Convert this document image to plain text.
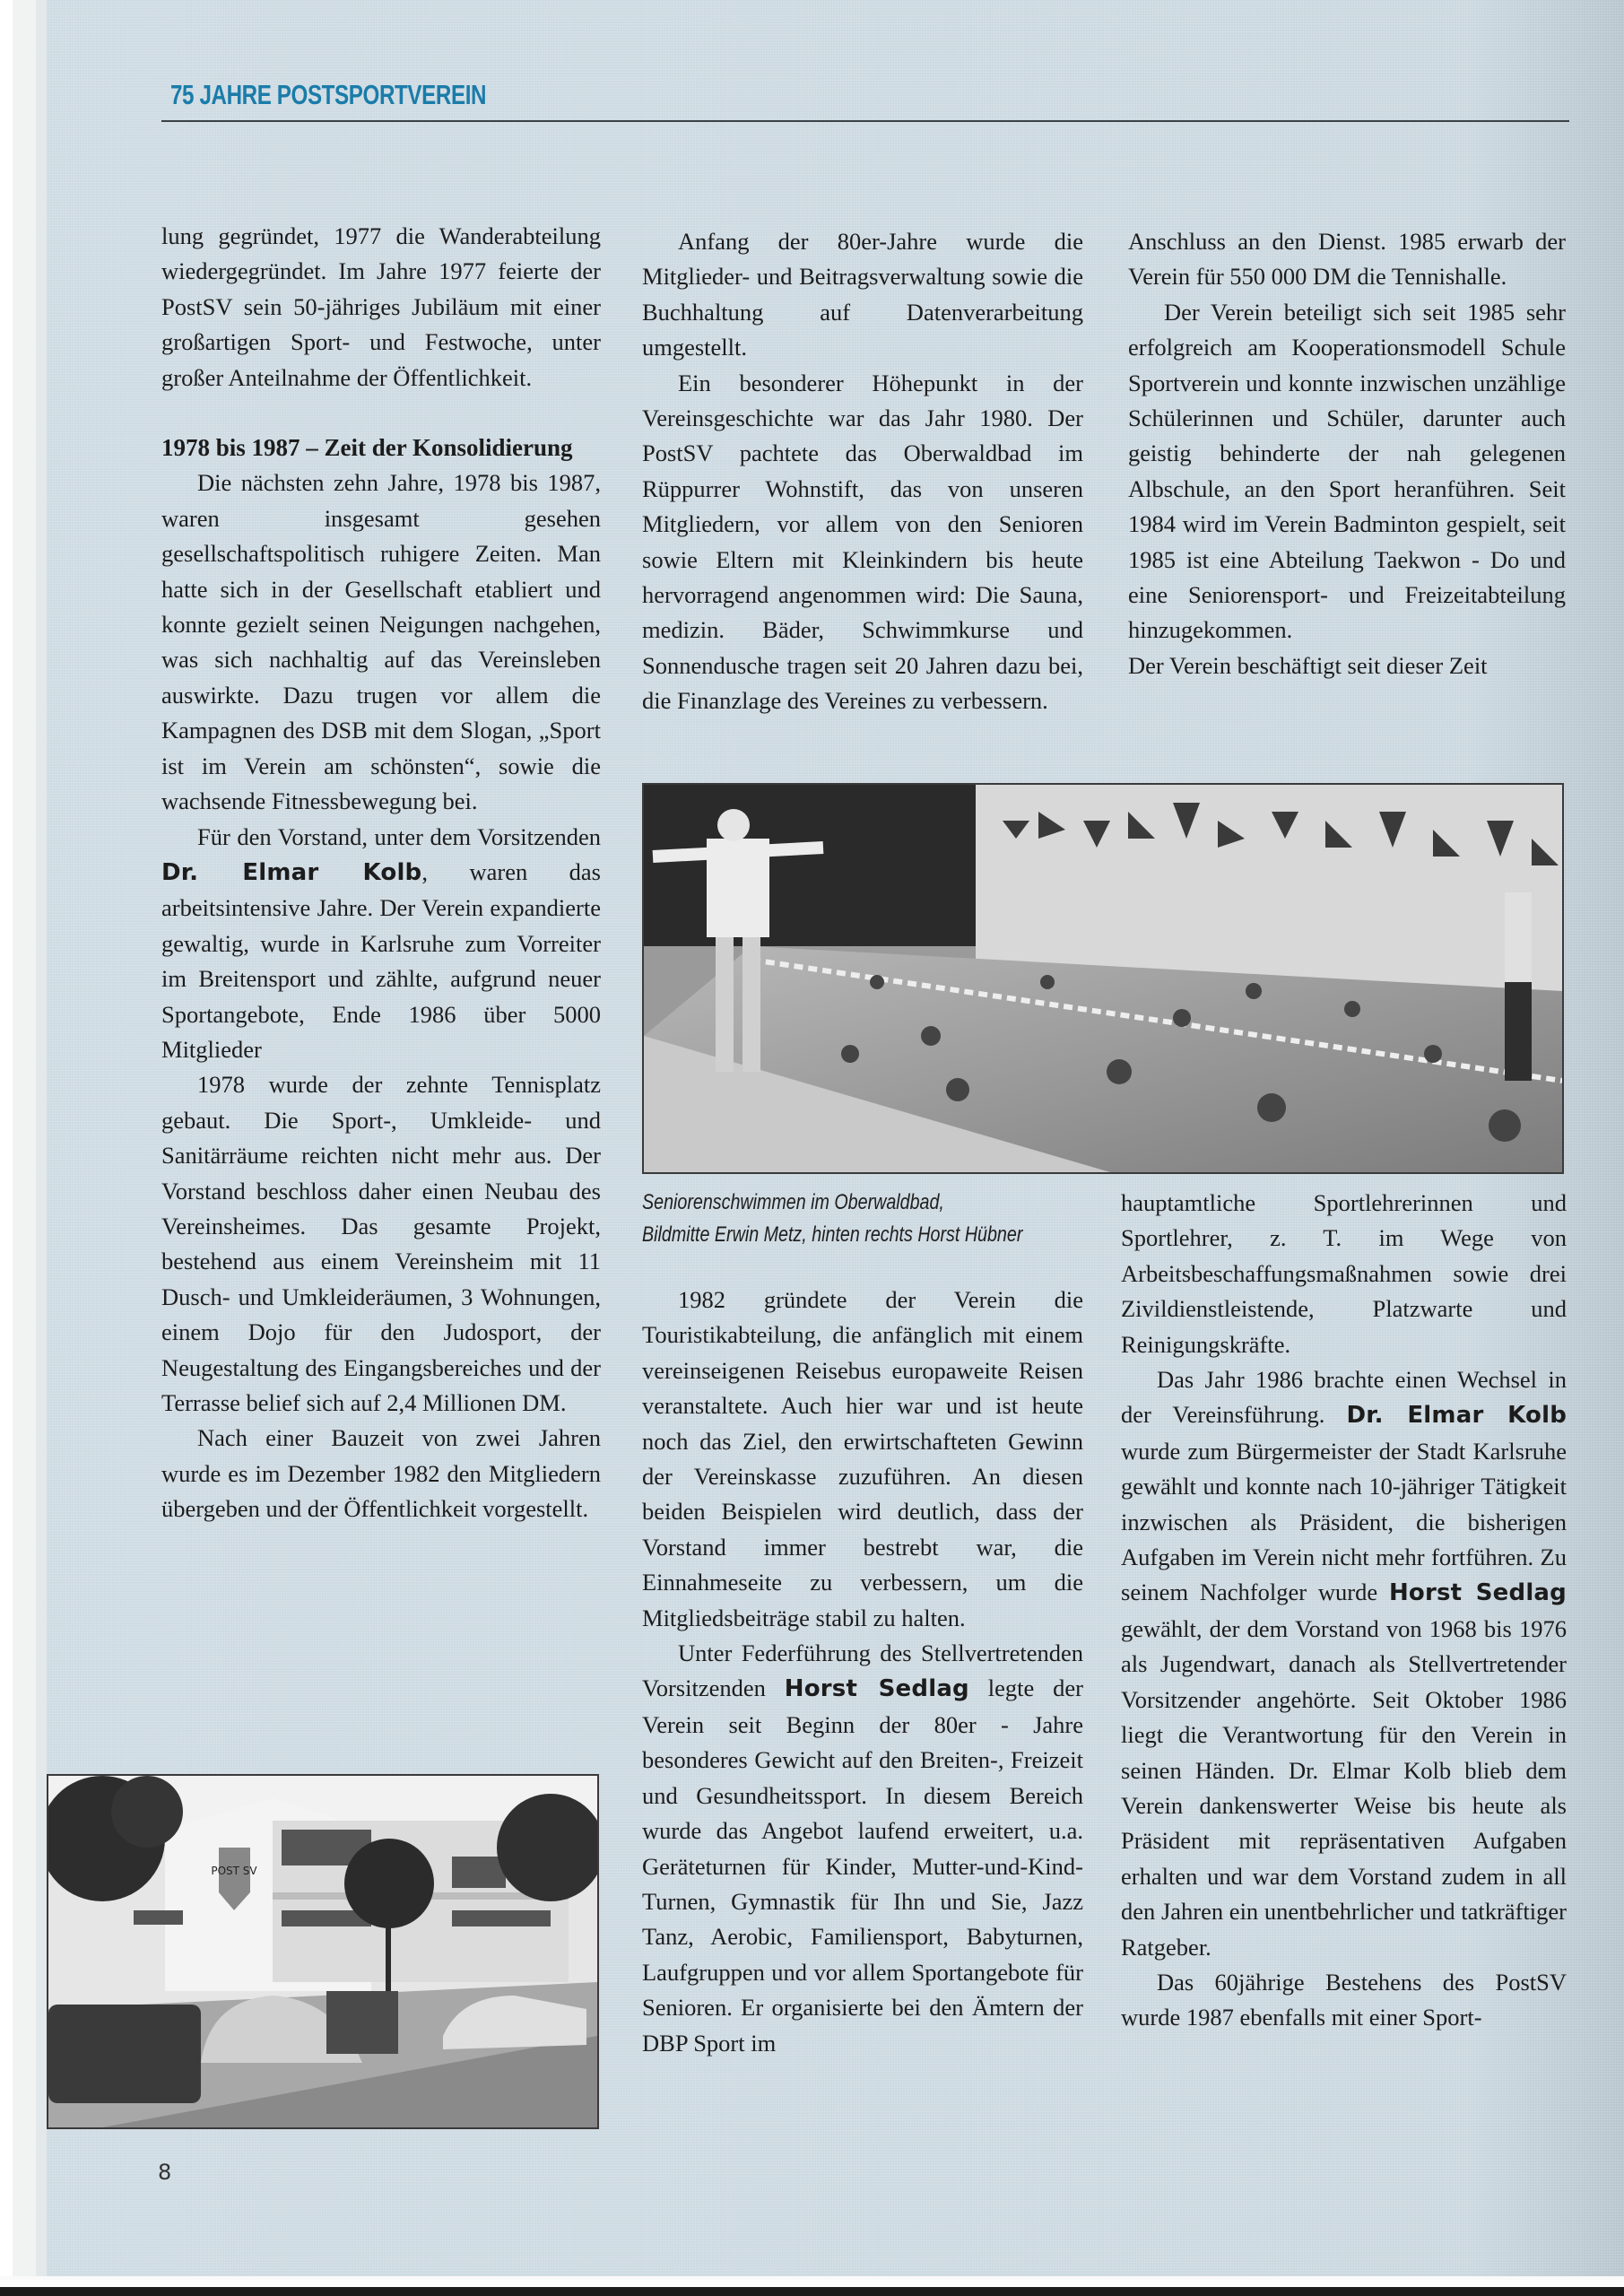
75 JAHRE POSTSPORTVEREIN

lung gegründet, 1977 die Wanderabteilung wiedergegründet. Im Jahre 1977 feierte der PostSV sein 50-jähriges Jubiläum mit einer großartigen Sport- und Festwoche, unter großer Anteilnahme der Öffentlichkeit.

1978 bis 1987 – Zeit der Konsolidierung

Die nächsten zehn Jahre, 1978 bis 1987, waren insgesamt gesehen gesellschaftspolitisch ruhigere Zeiten. Man hatte sich in der Gesellschaft etabliert und konnte gezielt seinen Neigungen nachgehen, was sich nachhaltig auf das Vereinsleben auswirkte. Dazu trugen vor allem die Kampagnen des DSB mit dem Slogan, „Sport ist im Verein am schönsten“, sowie die wachsende Fitnessbewegung bei.

Für den Vorstand, unter dem Vorsitzenden Dr. Elmar Kolb, waren das arbeitsintensive Jahre. Der Verein expandierte gewaltig, wurde in Karlsruhe zum Vorreiter im Breitensport und zählte, aufgrund neuer Sportangebote, Ende 1986 über 5000 Mitglieder

1978 wurde der zehnte Tennisplatz gebaut. Die Sport-, Umkleide- und Sanitärräume reichten nicht mehr aus. Der Vorstand beschloss daher einen Neubau des Vereinsheimes. Das gesamte Projekt, bestehend aus einem Vereinsheim mit 11 Dusch- und Umkleideräumen, 3 Wohnungen, einem Dojo für den Judosport, der Neugestaltung des Eingangsbereiches und der Terrasse belief sich auf 2,4 Millionen DM.

Nach einer Bauzeit von zwei Jahren wurde es im Dezember 1982 den Mitgliedern übergeben und der Öffentlichkeit vorgestellt.

Anfang der 80er-Jahre wurde die Mitglieder- und Beitragsverwaltung sowie die Buchhaltung auf Datenverarbeitung umgestellt.

Ein besonderer Höhepunkt in der Vereinsgeschichte war das Jahr 1980. Der PostSV pachtete das Oberwaldbad im Rüppurrer Wohnstift, das von unseren Mitgliedern, vor allem von den Senioren sowie Eltern mit Kleinkindern bis heute hervorragend angenommen wird: Die Sauna, medizin. Bäder, Schwimmkurse und Sonnendusche tragen seit 20 Jahren dazu bei, die Finanzlage des Vereines zu verbessern.

Anschluss an den Dienst. 1985 erwarb der Verein für 550 000 DM die Tennishalle.

Der Verein beteiligt sich seit 1985 sehr erfolgreich am Kooperationsmodell Schule Sportverein und konnte inzwischen unzählige Schülerinnen und Schüler, darunter auch geistig behinderte der nah gelegenen Albschule, an den Sport heranführen. Seit 1984 wird im Verein Badminton gespielt, seit 1985 ist eine Abteilung Taekwon - Do und eine Seniorensport- und Freizeitabteilung hinzugekommen.

Der Verein beschäftigt seit dieser Zeit

Seniorenschwimmen im Oberwaldbad,
Bildmitte Erwin Metz, hinten rechts Horst Hübner

1982 gründete der Verein die Touristikabteilung, die anfänglich mit einem vereinseigenen Reisebus europaweite Reisen veranstaltete. Auch hier war und ist heute noch das Ziel, den erwirtschafteten Gewinn der Vereinskasse zuzuführen. An diesen beiden Beispielen wird deutlich, dass der Vorstand immer bestrebt war, die Einnahmeseite zu verbessern, um die Mitgliedsbeiträge stabil zu halten.

Unter Federführung des Stellvertretenden Vorsitzenden Horst Sedlag legte der Verein seit Beginn der 80er - Jahre besonderes Gewicht auf den Breiten-, Freizeit und Gesundheitssport. In diesem Bereich wurde das Angebot laufend erweitert, u.a. Geräteturnen für Kinder, Mutter-und-Kind-Turnen, Gymnastik für Ihn und Sie, Jazz Tanz, Aerobic, Familiensport, Babyturnen, Laufgruppen und vor allem Sportangebote für Senioren. Er organisierte bei den Ämtern der DBP Sport im

hauptamtliche Sportlehrerinnen und Sportlehrer, z. T. im Wege von Arbeitsbeschaffungsmaßnahmen sowie drei Zivildienstleistende, Platzwarte und Reinigungskräfte.

Das Jahr 1986 brachte einen Wechsel in der Vereinsführung. Dr. Elmar Kolb wurde zum Bürgermeister der Stadt Karlsruhe gewählt und konnte nach 10-jähriger Tätigkeit inzwischen als Präsident, die bisherigen Aufgaben im Verein nicht mehr fortführen. Zu seinem Nachfolger wurde Horst Sedlag gewählt, der dem Vorstand von 1968 bis 1976 als Jugendwart, danach als Stellvertretender Vorsitzender angehörte. Seit Oktober 1986 liegt die Verantwortung für den Verein in seinen Händen. Dr. Elmar Kolb blieb dem Verein dankenswerter Weise bis heute als Präsident mit repräsentativen Aufgaben erhalten und war dem Vorstand zudem in all den Jahren ein unentbehrlicher und tatkräftiger Ratgeber.

Das 60jährige Bestehens des PostSV wurde 1987 ebenfalls mit einer Sport-

POST SV
8
